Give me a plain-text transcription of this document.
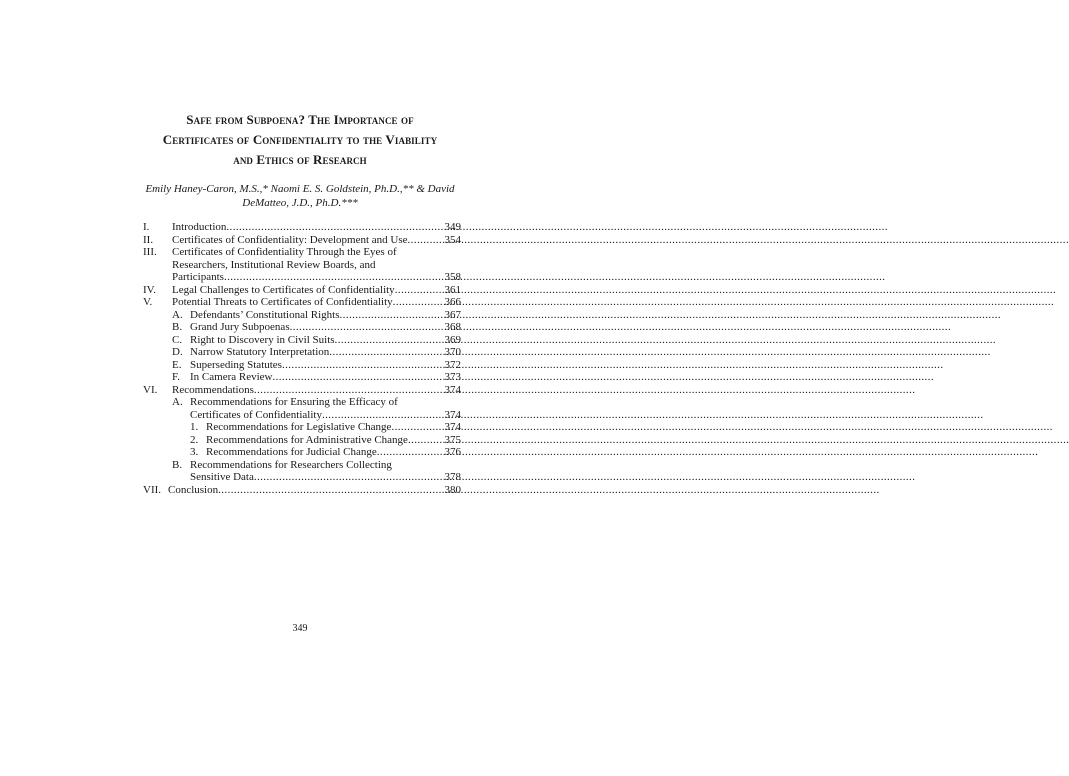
Safe from Subpoena? The Importance of
Certificates of Confidentiality to the Viability
and Ethics of Research
Emily Haney-Caron, M.S.,* Naomi E. S. Goldstein, Ph.D.,** & David
DeMatteo, J.D., Ph.D.***
I.	Introduction .....	349
II.	Certificates of Confidentiality: Development and Use .....	354
III.	Certificates of Confidentiality Through the Eyes of
Researchers, Institutional Review Boards, and
Participants .....	358
IV.	Legal Challenges to Certificates of Confidentiality .....	361
V.	Potential Threats to Certificates of Confidentiality .....	366
A. Defendants’ Constitutional Rights .....	367
B. Grand Jury Subpoenas .....	368
C. Right to Discovery in Civil Suits .....	369
D. Narrow Statutory Interpretation .....	370
E. Superseding Statutes .....	372
F. In Camera Review .....	373
VI.	Recommendations .....	374
A. Recommendations for Ensuring the Efficacy of
Certificates of Confidentiality .....	374
1. Recommendations for Legislative Change .....	374
2. Recommendations for Administrative Change .....	375
3. Recommendations for Judicial Change .....	376
B. Recommendations for Researchers Collecting
Sensitive Data .....	378
VII. Conclusion .....	380
349
